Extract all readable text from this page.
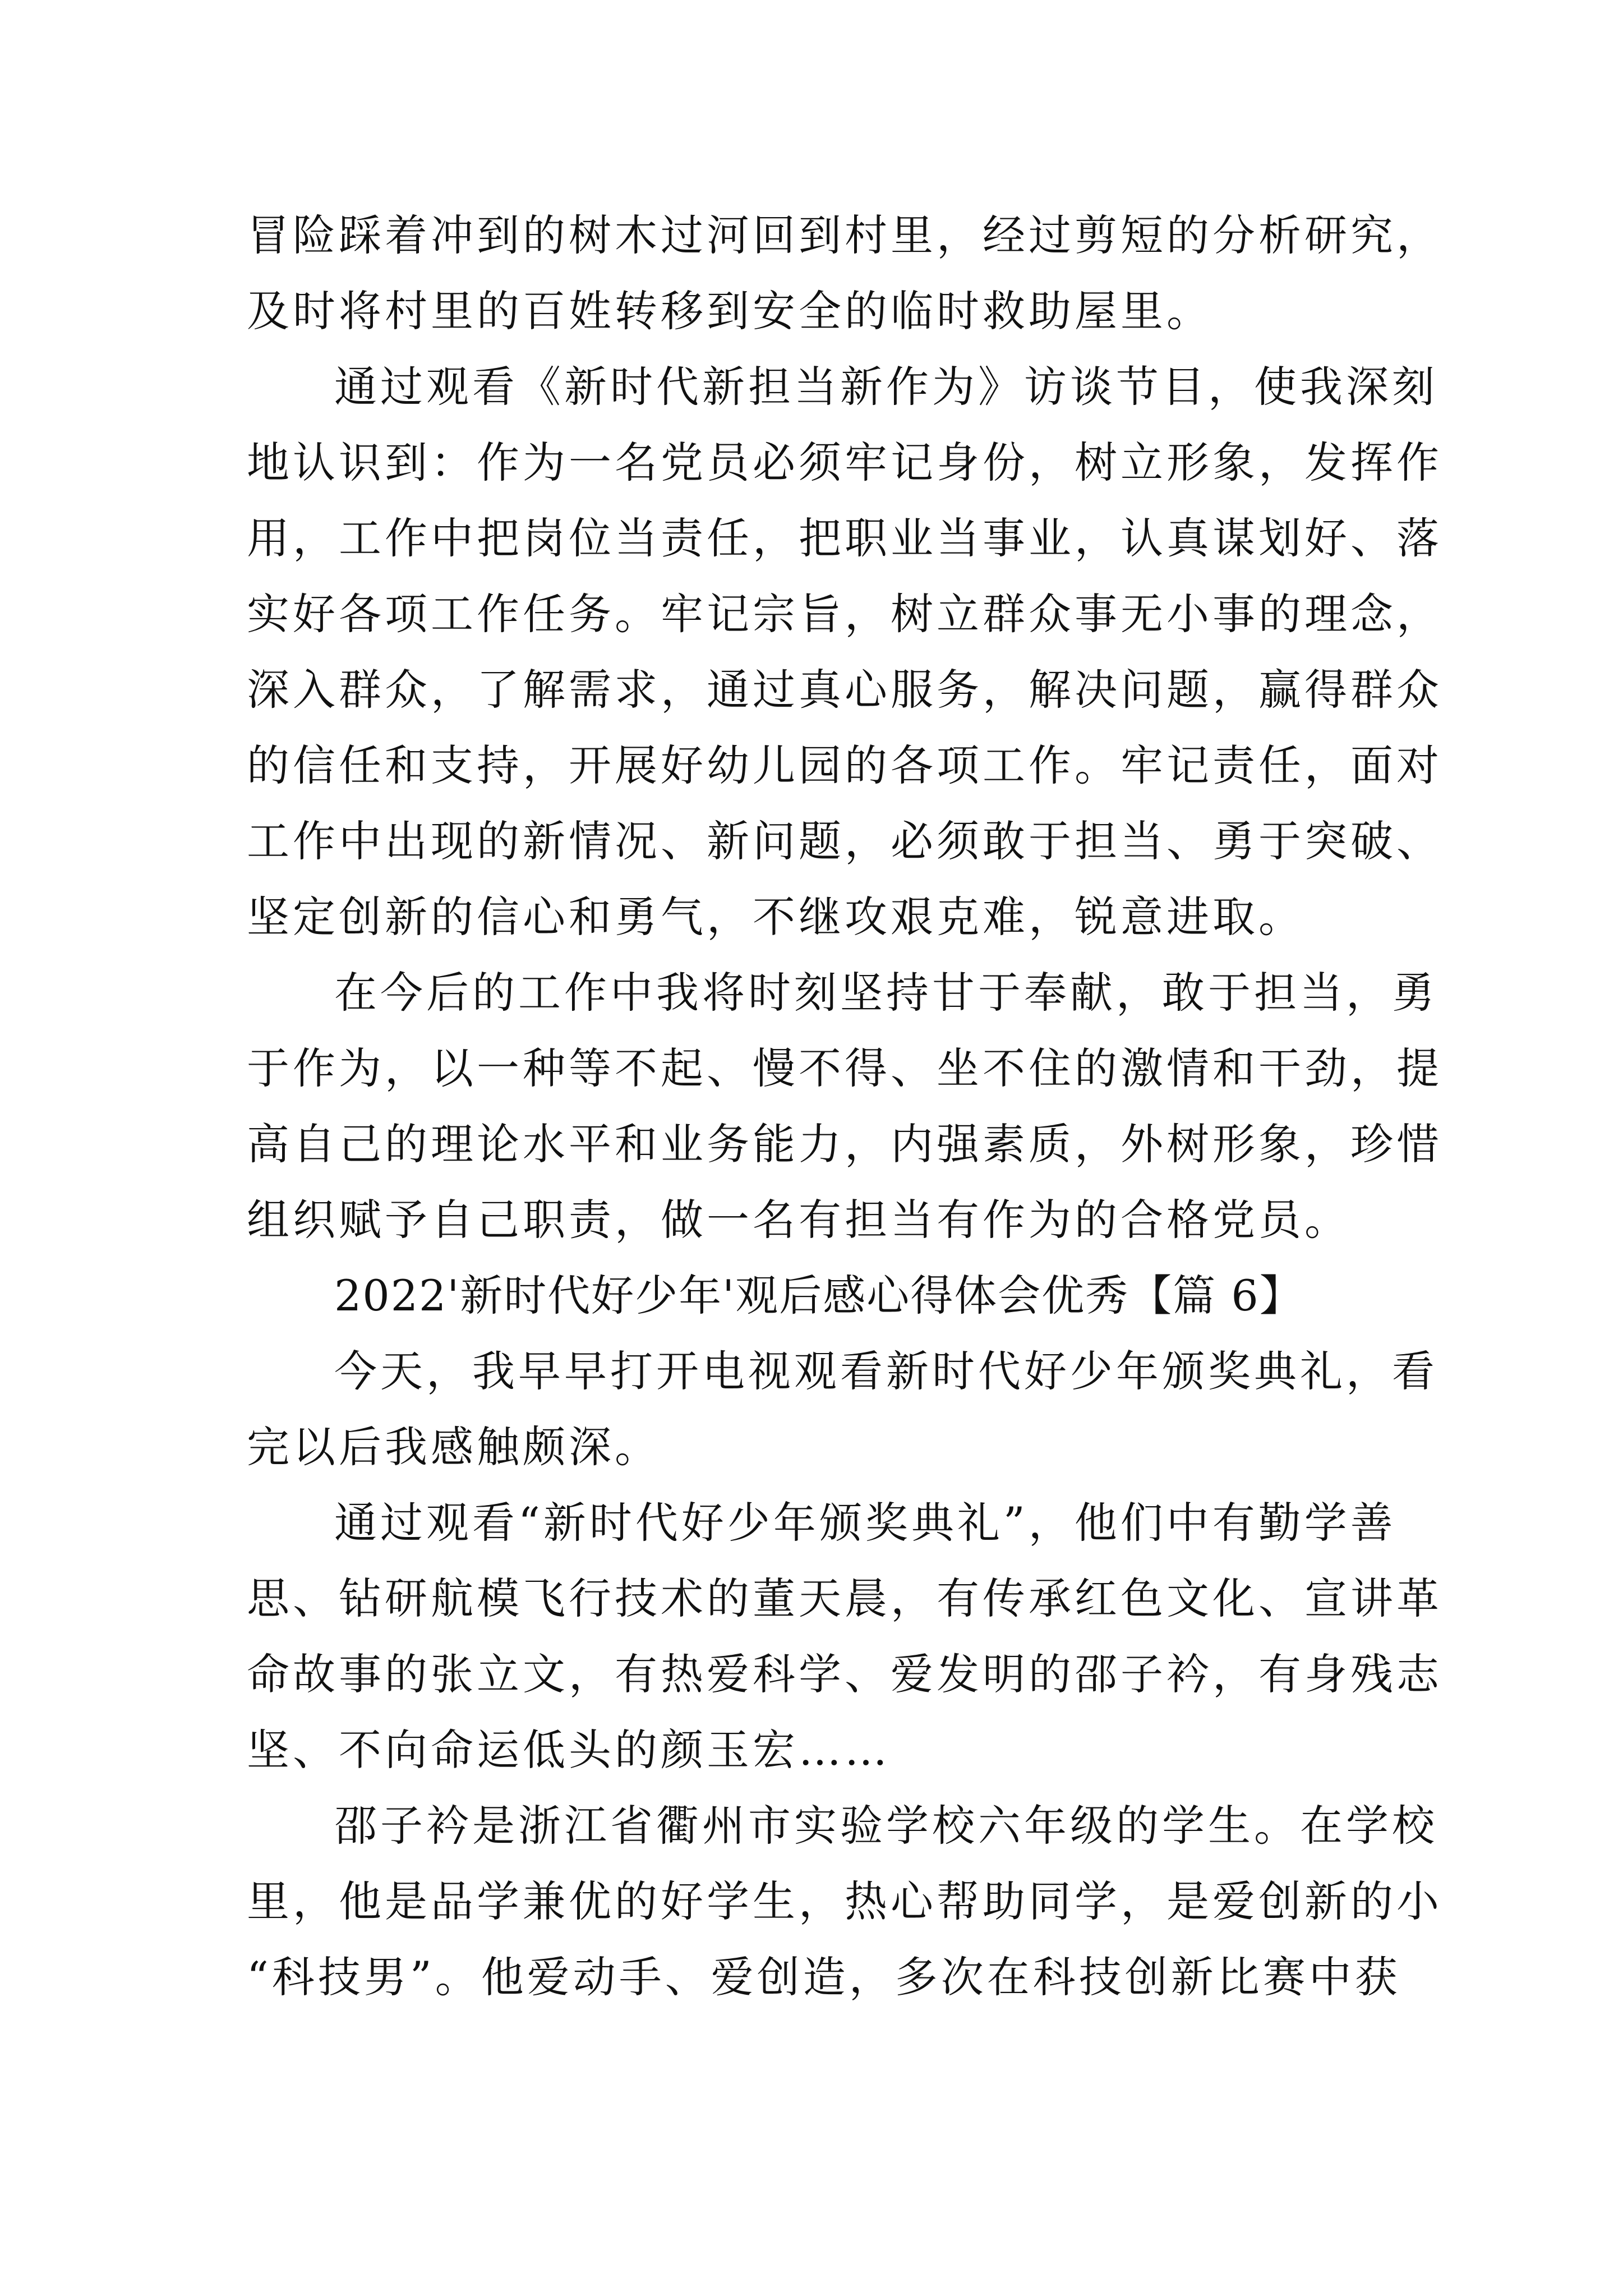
冒险踩着冲到的树木过河回到村里，经过剪短的分析研究，
及时将村里的百姓转移到安全的临时救助屋里。
通过观看《新时代新担当新作为》访谈节目，使我深刻
地认识到：作为一名党员必须牢记身份，树立形象，发挥作
用，工作中把岗位当责任，把职业当事业，认真谋划好、落
实好各项工作任务。牢记宗旨，树立群众事无小事的理念，
深入群众，了解需求，通过真心服务，解决问题，赢得群众
的信任和支持，开展好幼儿园的各项工作。牢记责任，面对
工作中出现的新情况、新问题，必须敢于担当、勇于突破、
坚定创新的信心和勇气，不继攻艰克难，锐意进取。
在今后的工作中我将时刻坚持甘于奉献，敢于担当，勇
于作为，以一种等不起、慢不得、坐不住的激情和干劲，提
高自己的理论水平和业务能力，内强素质，外树形象，珍惜
组织赋予自己职责，做一名有担当有作为的合格党员。
2022'新时代好少年'观后感心得体会优秀【篇 6】
今天，我早早打开电视观看新时代好少年颁奖典礼，看
完以后我感触颇深。
通过观看“新时代好少年颁奖典礼”，他们中有勤学善
思、钻研航模飞行技术的董天晨，有传承红色文化、宣讲革
命故事的张立文，有热爱科学、爱发明的邵子衿，有身残志
坚、不向命运低头的颜玉宏……
邵子衿是浙江省衢州市实验学校六年级的学生。在学校
里，他是品学兼优的好学生，热心帮助同学，是爱创新的小
“科技男”。他爱动手、爱创造，多次在科技创新比赛中获
